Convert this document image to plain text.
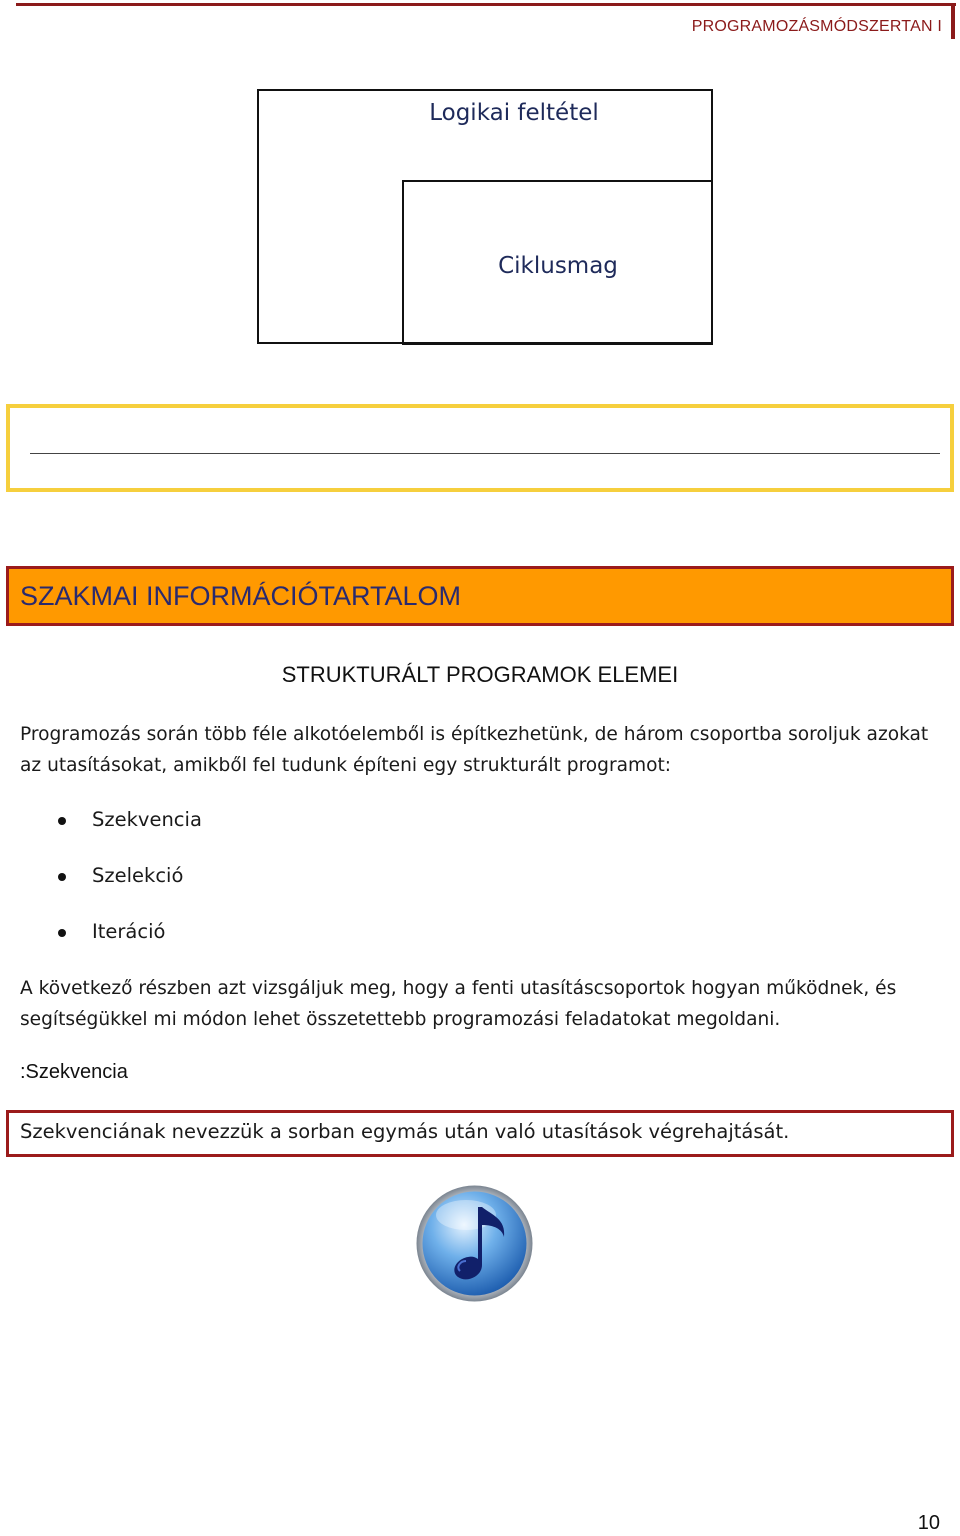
PROGRAMOZÁSMÓDSZERTAN I
Logikai feltétel
Ciklusmag
SZAKMAI INFORMÁCIÓTARTALOM
STRUKTURÁLT PROGRAMOK ELEMEI
Programozás során több féle alkotóelemből is építkezhetünk, de három csoportba soroljuk azokat az utasításokat, amikből fel tudunk építeni egy strukturált programot:
Szekvencia
Szelekció
Iteráció
A következő részben azt vizsgáljuk meg, hogy a fenti utasításcsoportok hogyan működnek, és segítségükkel mi módon lehet összetettebb programozási feladatokat megoldani.
:Szekvencia
Szekvenciának nevezzük a sorban egymás után való utasítások végrehajtását.
10
